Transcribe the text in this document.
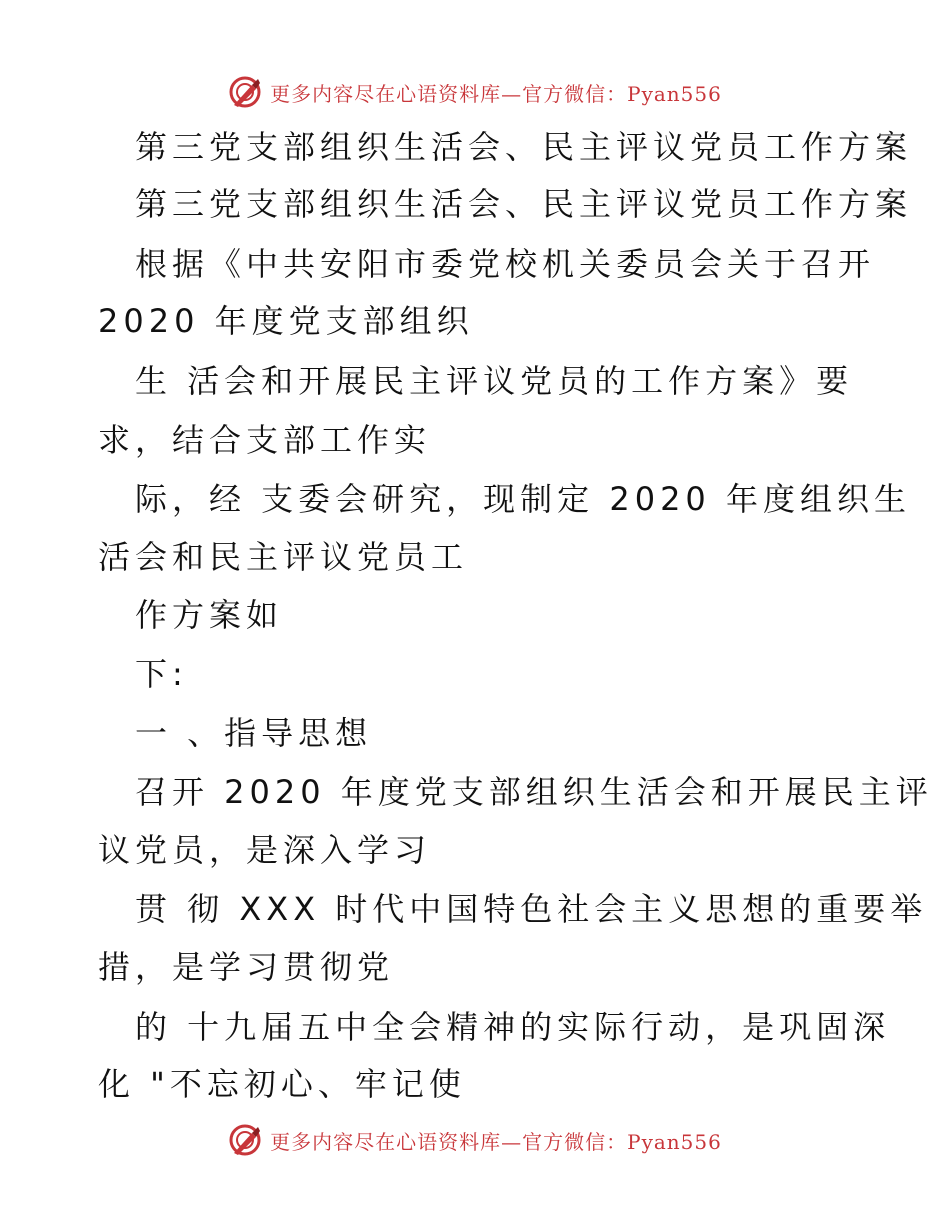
更多内容尽在心语资料库—官方微信：Pyan556
第三党支部组织生活会、民主评议党员工作方案
第三党支部组织生活会、民主评议党员工作方案
根据《中共安阳市委党校机关委员会关于召开
2020 年度党支部组织
生 活会和开展民主评议党员的工作方案》要
求，结合支部工作实
际，经 支委会研究，现制定 2020 年度组织生
活会和民主评议党员工
作方案如
下:
一 、指导思想
召开 2020 年度党支部组织生活会和开展民主评
议党员，是深入学习
贯 彻 XXX 时代中国特色社会主义思想的重要举
措，是学习贯彻党
的 十九届五中全会精神的实际行动，是巩固深
化 "不忘初心、牢记使
更多内容尽在心语资料库—官方微信：Pyan556
